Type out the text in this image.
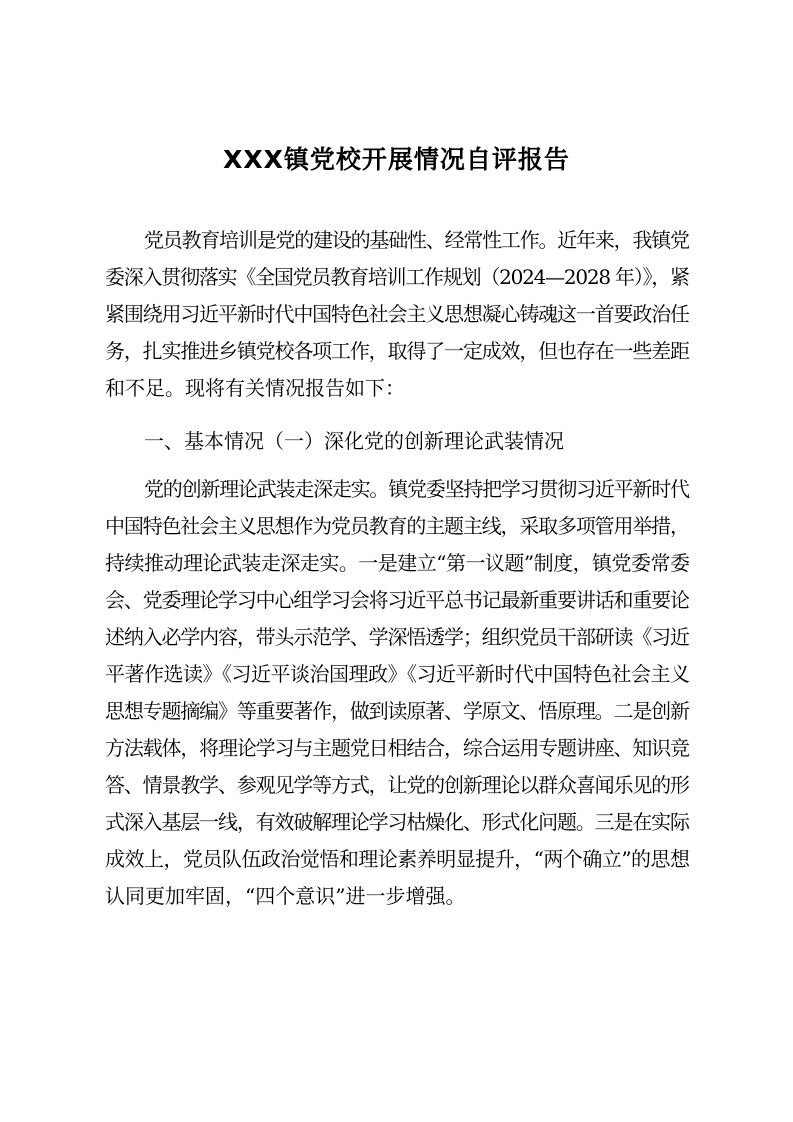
XXX镇党校开展情况自评报告
党员教育培训是党的建设的基础性、经常性工作。近年来，我镇党
委深入贯彻落实《全国党员教育培训工作规划（2024—2028 年）》，紧
紧围绕用习近平新时代中国特色社会主义思想凝心铸魂这一首要政治任
务，扎实推进乡镇党校各项工作，取得了一定成效，但也存在一些差距
和不足。现将有关情况报告如下：
一、基本情况（一）深化党的创新理论武装情况
党的创新理论武装走深走实。镇党委坚持把学习贯彻习近平新时代
中国特色社会主义思想作为党员教育的主题主线，采取多项管用举措，
持续推动理论武装走深走实。一是建立“第一议题”制度，镇党委常委
会、党委理论学习中心组学习会将习近平总书记最新重要讲话和重要论
述纳入必学内容，带头示范学、学深悟透学；组织党员干部研读《习近
平著作选读》《习近平谈治国理政》《习近平新时代中国特色社会主义
思想专题摘编》等重要著作，做到读原著、学原文、悟原理。二是创新
方法载体，将理论学习与主题党日相结合，综合运用专题讲座、知识竞
答、情景教学、参观见学等方式，让党的创新理论以群众喜闻乐见的形
式深入基层一线，有效破解理论学习枯燥化、形式化问题。三是在实际
成效上，党员队伍政治觉悟和理论素养明显提升，“两个确立”的思想
认同更加牢固，“四个意识”进一步增强。
